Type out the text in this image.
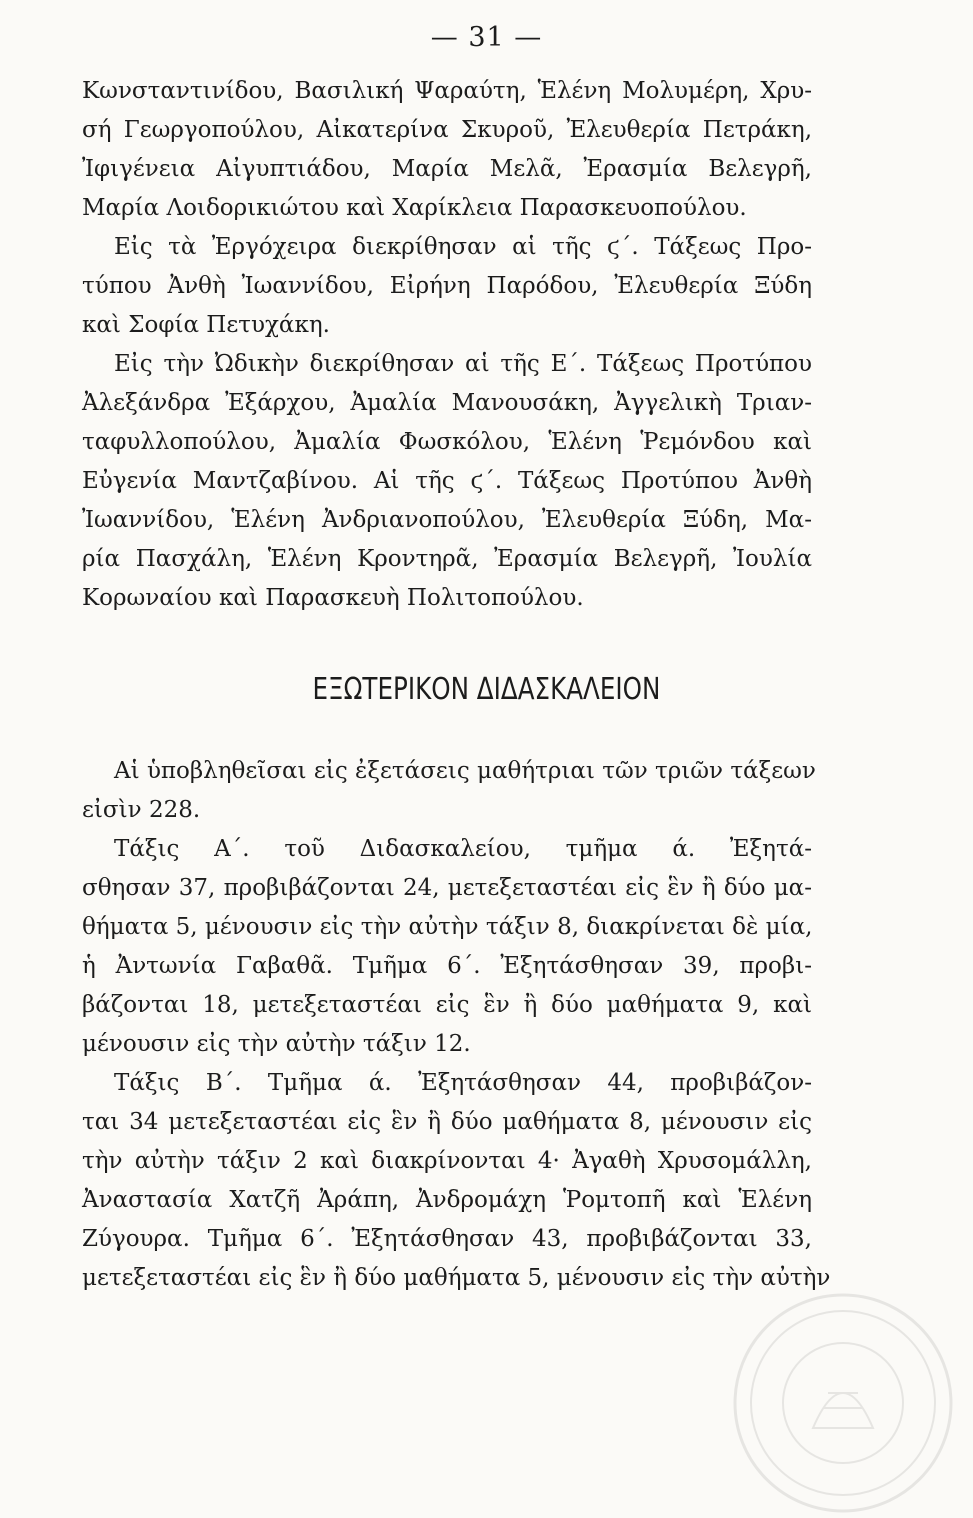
— 31 —
Κωνσταντινίδου, Βασιλική Ψαραύτη, Ἑλένη Μολυμέρη, Χρυ-
σή Γεωργοπούλου, Αἰκατερίνα Σκυροῦ, Ἐλευθερία Πετράκη,
Ἰφιγένεια Αἰγυπτιάδου, Μαρία Μελᾶ, Ἐρασμία Βελεγρῆ,
Μαρία Λοιδορικιώτου καὶ Χαρίκλεια Παρασκευοπούλου.
Εἰς τὰ Ἐργόχειρα διεκρίθησαν αἱ τῆς ϛ΄. Τάξεως Προ-
τύπου Ἀνθὴ Ἰωαννίδου, Εἰρήνη Παρόδου, Ἐλευθερία Ξύδη
καὶ Σοφία Πετυχάκη.
Εἰς τὴν Ὠδικὴν διεκρίθησαν αἱ τῆς Ε΄. Τάξεως Προτύπου
Ἀλεξάνδρα Ἐξάρχου, Ἀμαλία Μανουσάκη, Ἀγγελικὴ Τριαν-
ταφυλλοπούλου, Ἀμαλία Φωσκόλου, Ἑλένη Ῥεμόνδου καὶ
Εὐγενία Μαντζαβίνου. Αἱ τῆς ϛ΄. Τάξεως Προτύπου Ἀνθὴ
Ἰωαννίδου, Ἑλένη Ἀνδριανοπούλου, Ἐλευθερία Ξύδη, Μα-
ρία Πασχάλη, Ἑλένη Κροντηρᾶ, Ἐρασμία Βελεγρῆ, Ἰουλία
Κορωναίου καὶ Παρασκευὴ Πολιτοπούλου.
ΕΞΩΤΕΡΙΚΟΝ ΔΙΔΑΣΚΑΛΕΙΟΝ
Αἱ ὑποβληθεῖσαι εἰς ἐξετάσεις μαθήτριαι τῶν τριῶν τάξεων
εἰσὶν 228.
Τάξις Α΄. τοῦ Διδασκαλείου, τμῆμα ά. Ἐξητά-
σθησαν 37, προβιβάζονται 24, μετεξεταστέαι εἰς ἓν ἢ δύο μα-
θήματα 5, μένουσιν εἰς τὴν αὐτὴν τάξιν 8, διακρίνεται δὲ μία,
ἡ Ἀντωνία Γαβαθᾶ. Τμῆμα 6΄. Ἐξητάσθησαν 39, προβι-
βάζονται 18, μετεξεταστέαι εἰς ἓν ἢ δύο μαθήματα 9, καὶ
μένουσιν εἰς τὴν αὐτὴν τάξιν 12.
Τάξις Β΄. Τμῆμα ά. Ἐξητάσθησαν 44, προβιβάζον-
ται 34 μετεξεταστέαι εἰς ἓν ἢ δύο μαθήματα 8, μένουσιν εἰς
τὴν αὐτὴν τάξιν 2 καὶ διακρίνονται 4· Ἀγαθὴ Χρυσομάλλη,
Ἀναστασία Χατζῆ Ἀράπη, Ἀνδρομάχη Ῥομτοπῆ καὶ Ἑλένη
Ζύγουρα. Τμῆμα 6΄. Ἐξητάσθησαν 43, προβιβάζονται 33,
μετεξεταστέαι εἰς ἓν ἢ δύο μαθήματα 5, μένουσιν εἰς τὴν αὐτὴν
